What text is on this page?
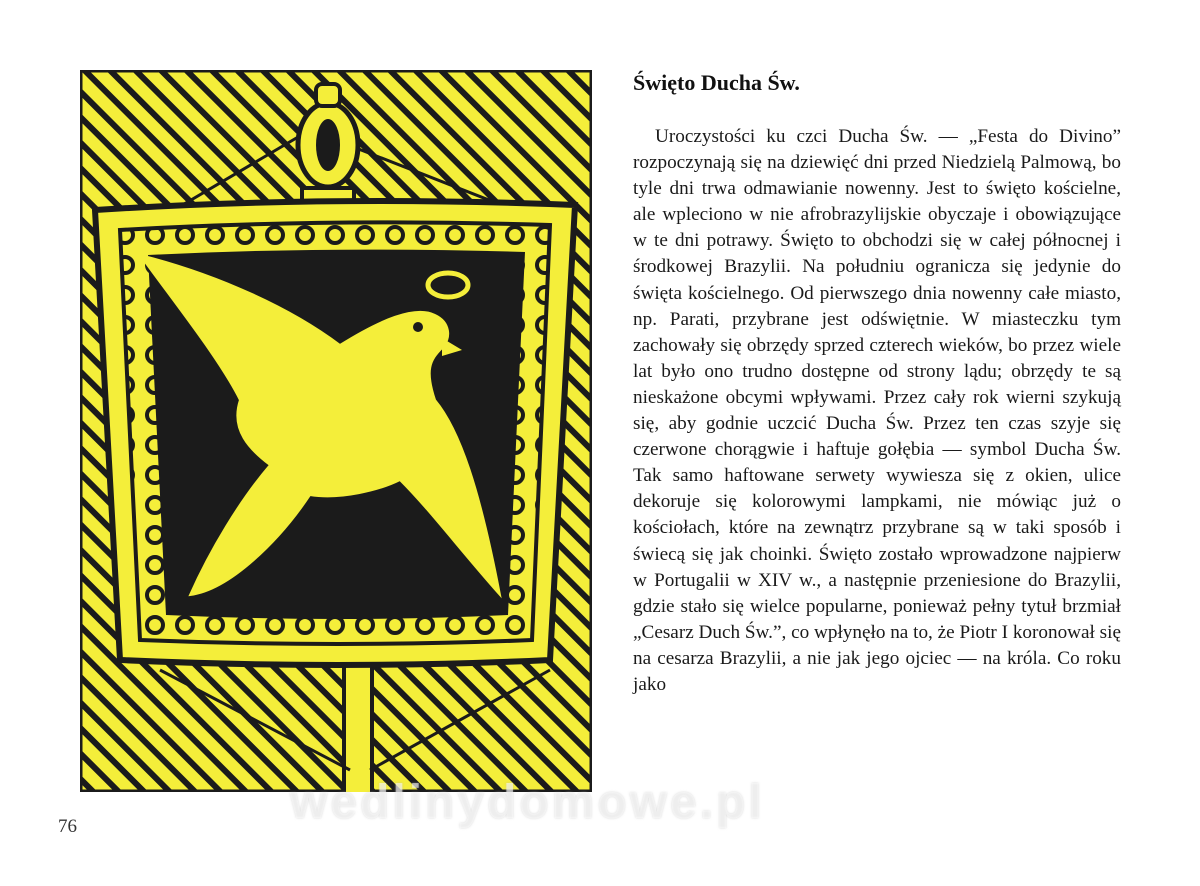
Święto Ducha Św.
Uroczystości ku czci Ducha Św. — „Festa do Divino” rozpoczynają się na dziewięć dni przed Niedzielą Palmową, bo tyle dni trwa odmawianie nowenny. Jest to święto kościelne, ale wpleciono w nie afrobrazylijskie obyczaje i obowiązujące w te dni potrawy. Święto to obchodzi się w całej północnej i środkowej Brazylii. Na południu ogranicza się jedynie do święta kościelnego. Od pierwszego dnia nowenny całe miasto, np. Parati, przybrane jest odświętnie. W miasteczku tym zachowały się obrzędy sprzed czterech wieków, bo przez wiele lat było ono trudno dostępne od strony lądu; obrzędy te są nieskażone obcymi wpływami. Przez cały rok wierni szykują się, aby godnie uczcić Ducha Św. Przez ten czas szyje się czerwone chorągwie i haftuje gołębia — symbol Ducha Św. Tak samo haftowane serwety wywiesza się z okien, ulice dekoruje się kolorowymi lampkami, nie mówiąc już o kościołach, które na zewnątrz przybrane są w taki sposób i świecą się jak choinki. Święto zostało wprowadzone najpierw w Portugalii w XIV w., a następnie przeniesione do Brazylii, gdzie stało się wielce popularne, ponieważ pełny tytuł brzmiał „Cesarz Duch Św.”, co wpłynęło na to, że Piotr I koronował się na cesarza Brazylii, a nie jak jego ojciec — na króla. Co roku jako
76	wedlinydomowe.pl
